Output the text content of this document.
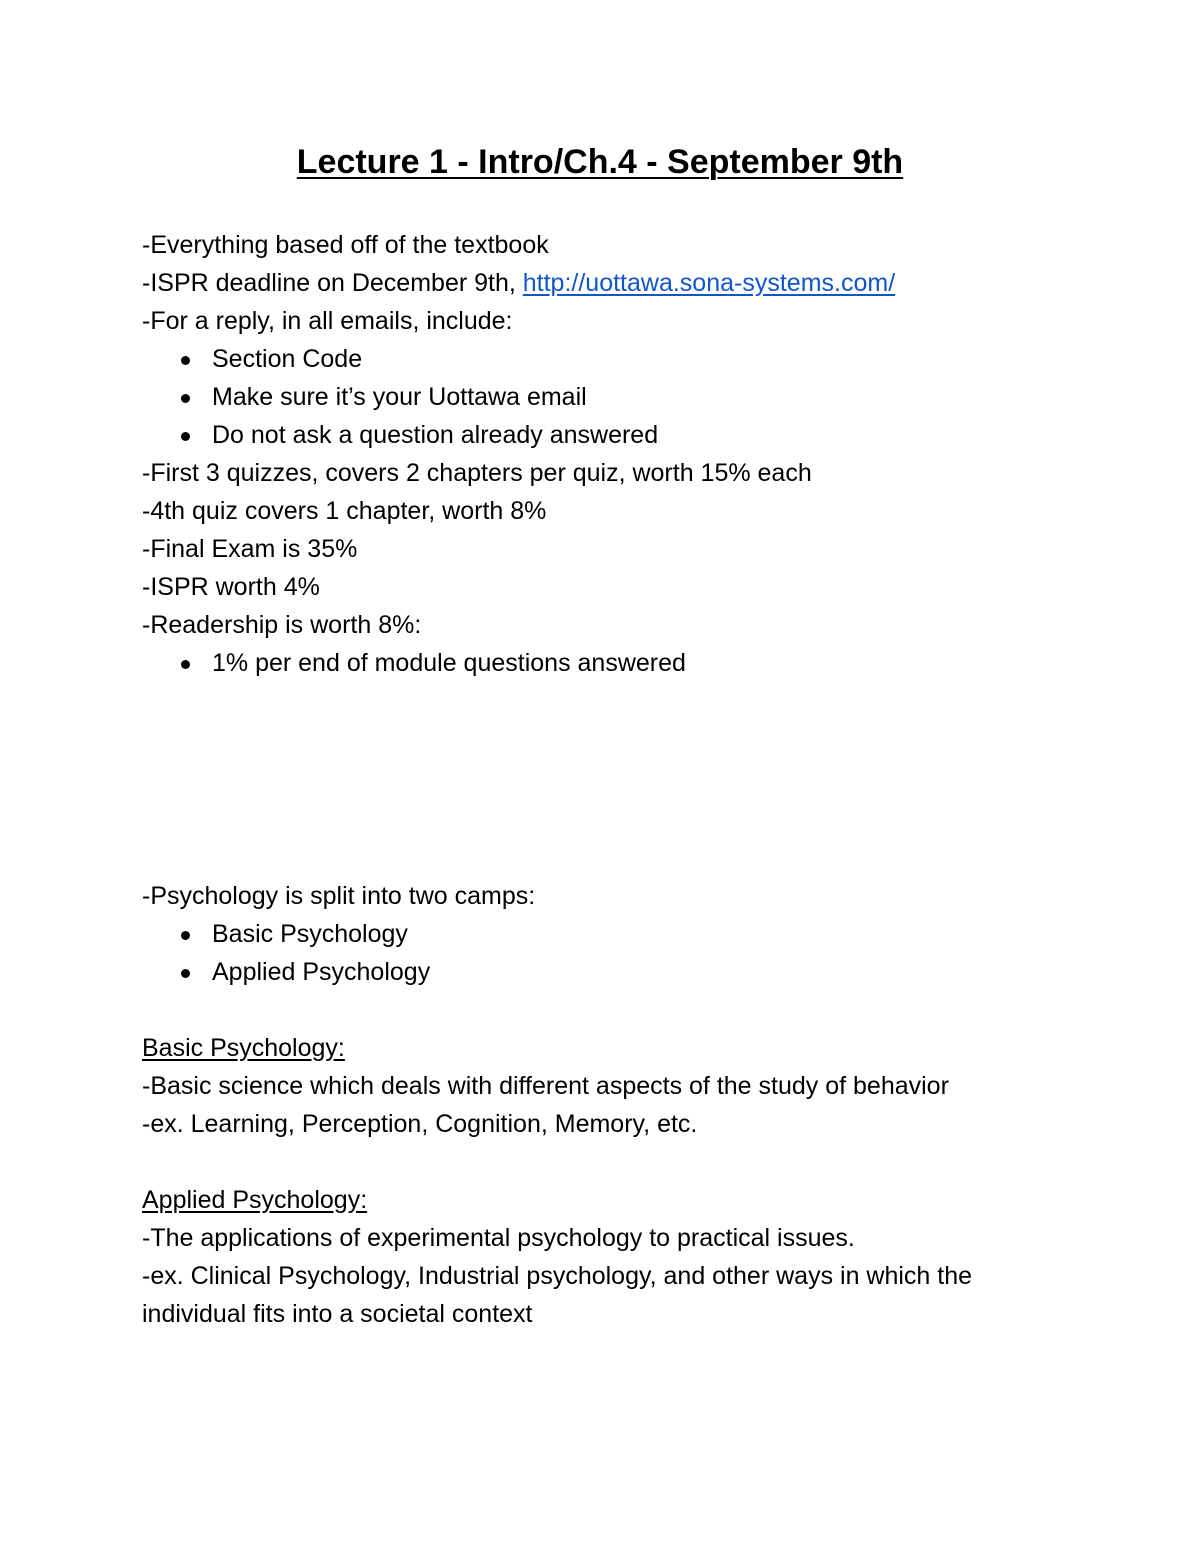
Lecture 1 - Intro/Ch.4 - September 9th
-Everything based off of the textbook
-ISPR deadline on December 9th, http://uottawa.sona-systems.com/
-For a reply, in all emails, include:
Section Code
Make sure it’s your Uottawa email
Do not ask a question already answered
-First 3 quizzes, covers 2 chapters per quiz, worth 15% each
-4th quiz covers 1 chapter, worth 8%
-Final Exam is 35%
-ISPR worth 4%
-Readership is worth 8%:
1% per end of module questions answered
-Psychology is split into two camps:
Basic Psychology
Applied Psychology
Basic Psychology:
-Basic science which deals with different aspects of the study of behavior
-ex. Learning, Perception, Cognition, Memory, etc.
Applied Psychology:
-The applications of experimental psychology to practical issues.
-ex. Clinical Psychology, Industrial psychology, and other ways in which the individual fits into a societal context
